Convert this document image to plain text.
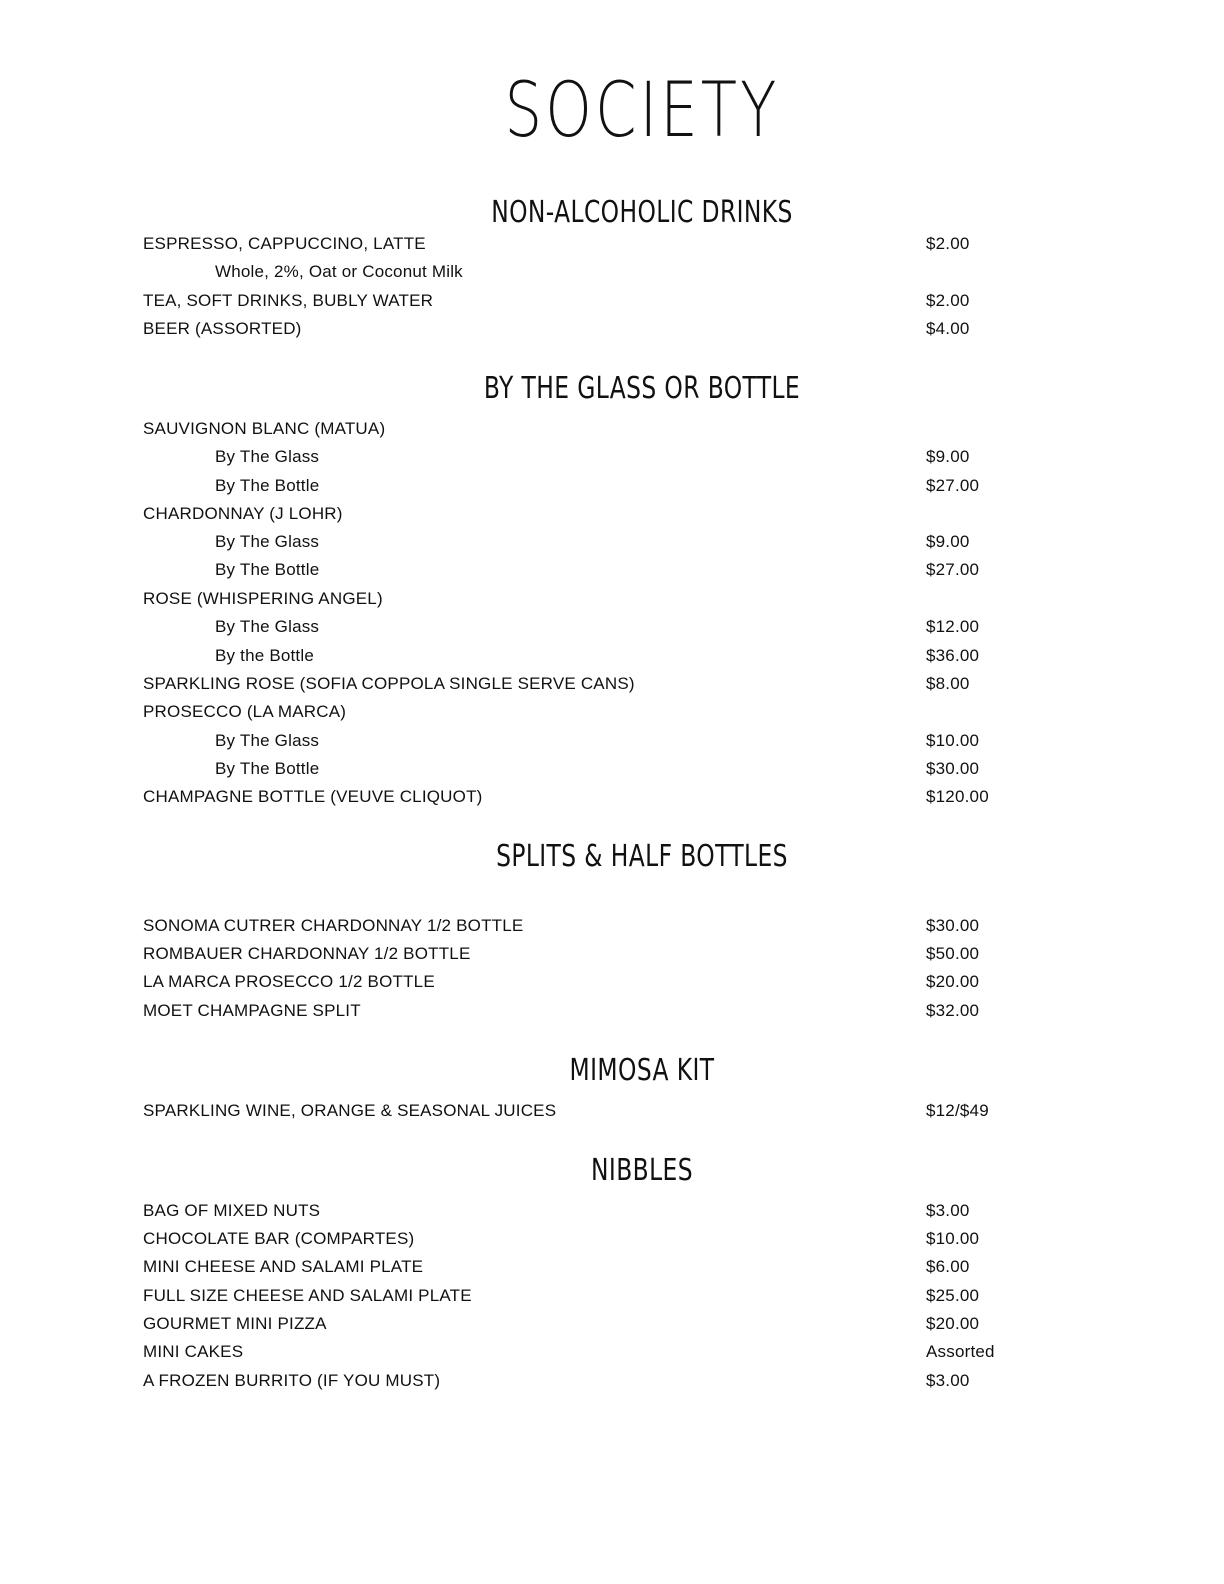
SOCIETY
NON-ALCOHOLIC DRINKS
ESPRESSO, CAPPUCCINO, LATTE	$2.00
Whole, 2%, Oat or Coconut Milk
TEA, SOFT DRINKS, BUBLY WATER	$2.00
BEER (ASSORTED)	$4.00
BY THE GLASS OR BOTTLE
SAUVIGNON BLANC (MATUA)
By The Glass	$9.00
By The Bottle	$27.00
CHARDONNAY (J LOHR)
By The Glass	$9.00
By The Bottle	$27.00
ROSE (WHISPERING ANGEL)
By The Glass	$12.00
By the Bottle	$36.00
SPARKLING ROSE (SOFIA COPPOLA SINGLE SERVE CANS)	$8.00
PROSECCO (LA MARCA)
By The Glass	$10.00
By The Bottle	$30.00
CHAMPAGNE BOTTLE (VEUVE CLIQUOT)	$120.00
SPLITS & HALF BOTTLES
SONOMA CUTRER CHARDONNAY 1/2 BOTTLE	$30.00
ROMBAUER CHARDONNAY 1/2 BOTTLE	$50.00
LA MARCA PROSECCO 1/2 BOTTLE	$20.00
MOET CHAMPAGNE SPLIT	$32.00
MIMOSA KIT
SPARKLING WINE, ORANGE & SEASONAL JUICES	$12/$49
NIBBLES
BAG OF MIXED NUTS	$3.00
CHOCOLATE BAR (COMPARTES)	$10.00
MINI CHEESE AND SALAMI PLATE	$6.00
FULL SIZE CHEESE AND SALAMI PLATE	$25.00
GOURMET MINI PIZZA	$20.00
MINI CAKES	Assorted
A FROZEN BURRITO (IF YOU MUST)	$3.00
